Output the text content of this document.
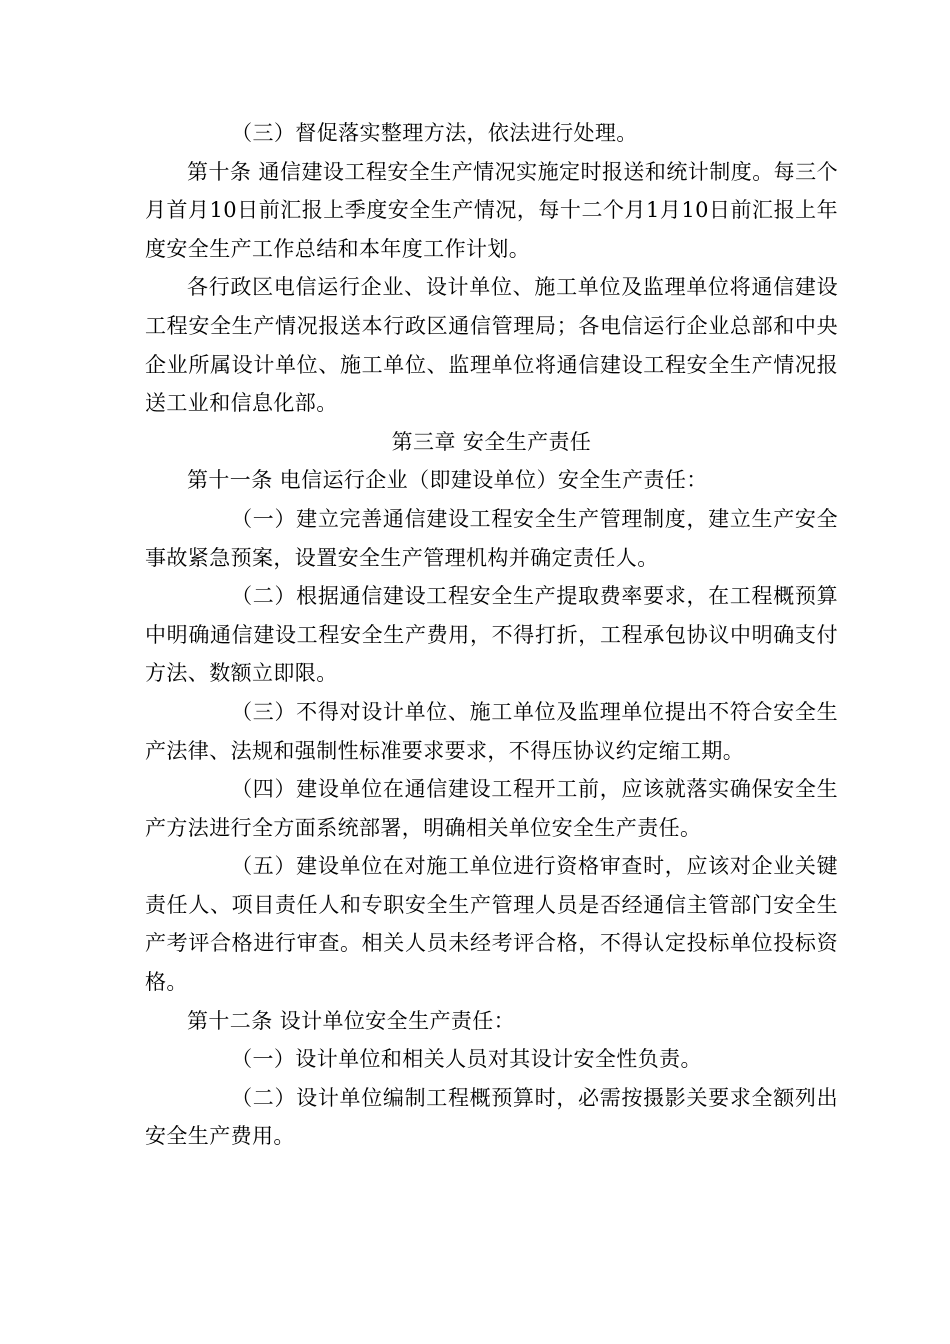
（三）督促落实整理方法，依法进行处理。

第十条 通信建设工程安全生产情况实施定时报送和统计制度。每三个月首月10日前汇报上季度安全生产情况，每十二个月1月10日前汇报上年度安全生产工作总结和本年度工作计划。

各行政区电信运行企业、设计单位、施工单位及监理单位将通信建设工程安全生产情况报送本行政区通信管理局；各电信运行企业总部和中央企业所属设计单位、施工单位、监理单位将通信建设工程安全生产情况报送工业和信息化部。

第三章 安全生产责任

第十一条 电信运行企业（即建设单位）安全生产责任：

（一）建立完善通信建设工程安全生产管理制度，建立生产安全事故紧急预案，设置安全生产管理机构并确定责任人。

（二）根据通信建设工程安全生产提取费率要求，在工程概预算中明确通信建设工程安全生产费用，不得打折，工程承包协议中明确支付方法、数额立即限。

（三）不得对设计单位、施工单位及监理单位提出不符合安全生产法律、法规和强制性标准要求要求，不得压协议约定缩工期。

（四）建设单位在通信建设工程开工前，应该就落实确保安全生产方法进行全方面系统部署，明确相关单位安全生产责任。

（五）建设单位在对施工单位进行资格审查时，应该对企业关键责任人、项目责任人和专职安全生产管理人员是否经通信主管部门安全生产考评合格进行审查。相关人员未经考评合格，不得认定投标单位投标资格。

第十二条 设计单位安全生产责任：

（一）设计单位和相关人员对其设计安全性负责。

（二）设计单位编制工程概预算时，必需按摄影关要求全额列出安全生产费用。
